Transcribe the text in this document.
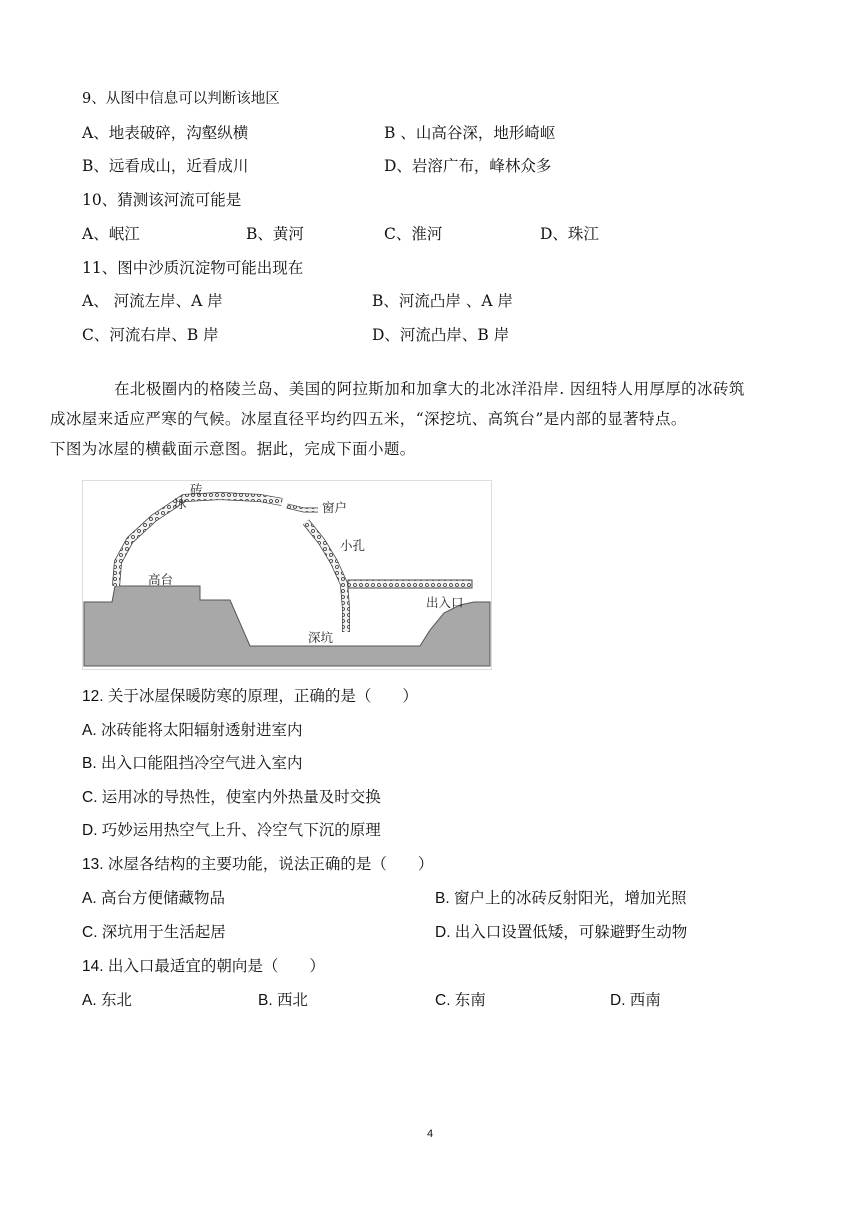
9、从图中信息可以判断该地区
A、地表破碎，沟壑纵横	B 、山高谷深，地形崎岖
B、远看成山，近看成川	D、岩溶广布，峰林众多
10、猜测该河流可能是
A、岷江	B、黄河	C、淮河	D、珠江
11、图中沙质沉淀物可能出现在
A、 河流左岸、A 岸	B、河流凸岸 、A 岸
C、河流右岸、B 岸	D、河流凸岸、B 岸
在北极圈内的格陵兰岛、美国的阿拉斯加和加拿大的北冰洋沿岸. 因纽特人用厚厚的冰砖筑
成冰屋来适应严寒的气候。冰屋直径平均约四五米，“深挖坑、高筑台”是内部的显著特点。
下图为冰屋的横截面示意图。据此，完成下面小题。
冰
砖
窗户
小孔
高台
出入口
深坑
12. 关于冰屋保暖防寒的原理，正确的是（　　）
A. 冰砖能将太阳辐射透射进室内
B. 出入口能阻挡冷空气进入室内
C. 运用冰的导热性，使室内外热量及时交换
D. 巧妙运用热空气上升、冷空气下沉的原理
13. 冰屋各结构的主要功能，说法正确的是（　　）
A. 高台方便储藏物品	B. 窗户上的冰砖反射阳光，增加光照
C. 深坑用于生活起居	D. 出入口设置低矮，可躲避野生动物
14. 出入口最适宜的朝向是（　　）
A. 东北	B. 西北	C. 东南	D. 西南
4
